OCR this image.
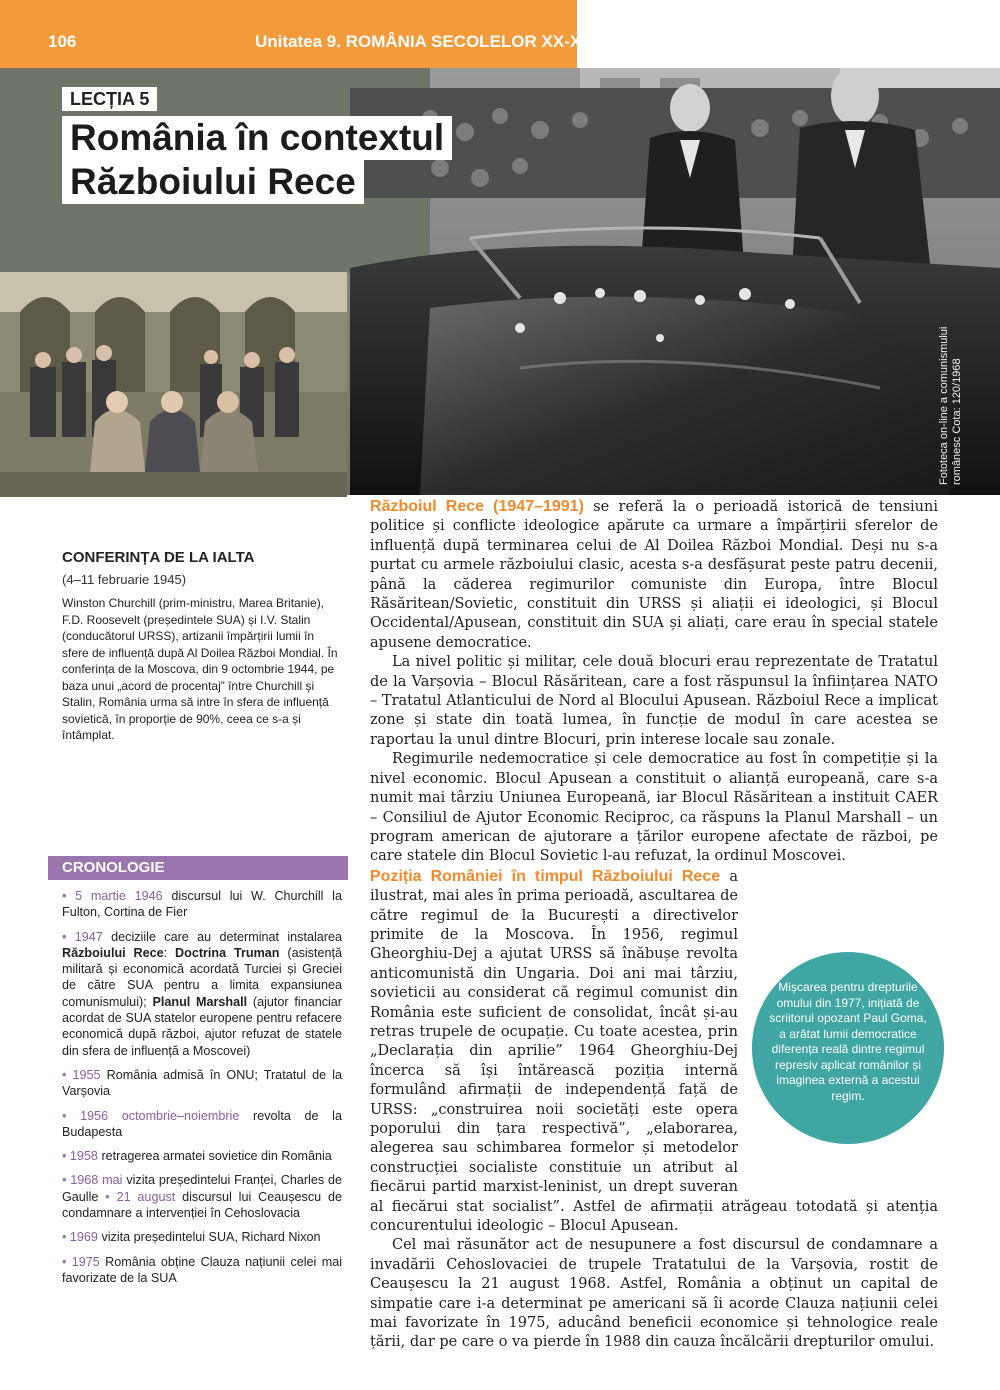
106	Unitatea 9. ROMÂNIA SECOLELOR XX-XXI
Fototeca on-line a comunismului românesc Cota: 120/1968
LECȚIA 5
România în contextul
Războiului Rece
CONFERINȚA DE LA IALTA
(4–11 februarie 1945)
Winston Churchill (prim-ministru, Marea Britanie), F.D. Roosevelt (președintele SUA) și I.V. Stalin (conducătorul URSS), artizanii împărțirii lumii în sfere de influență după Al Doilea Război Mondial. În conferința de la Moscova, din 9 octombrie 1944, pe baza unui „acord de procentaj” între Churchill și Stalin, România urma să intre în sfera de influență sovietică, în proporție de 90%, ceea ce s-a și întâmplat.
CRONOLOGIE
• 5 martie 1946 discursul lui W. Churchill la Fulton, Cortina de Fier
• 1947 deciziile care au determinat instalarea Războiului Rece: Doctrina Truman (asistență militară și economică acordată Turciei și Greciei de către SUA pentru a limita expansiunea comunismului); Planul Marshall (ajutor financiar acordat de SUA statelor europene pentru refacere economică după război, ajutor refuzat de statele din sfera de influență a Moscovei)
• 1955 România admisă în ONU; Tratatul de la Varșovia
• 1956 octombrie–noiembrie revolta de la Budapesta
• 1958 retragerea armatei sovietice din România
• 1968 mai vizita președintelui Franței, Charles de Gaulle • 21 august discursul lui Ceaușescu de condamnare a intervenției în Cehoslovacia
• 1969 vizita președintelui SUA, Richard Nixon
• 1975 România obține Clauza națiunii celei mai favorizate de la SUA

Războiul Rece (1947–1991) se referă la o perioadă istorică de tensiuni politice și conflicte ideologice apărute ca urmare a împărțirii sferelor de influență după terminarea celui de Al Doilea Război Mondial. Deși nu s-a purtat cu armele războiului clasic, acesta s-a desfășurat peste patru decenii, până la căderea regimurilor comuniste din Europa, între Blocul Răsăritean/Sovietic, constituit din URSS și aliații ei ideologici, și Blocul Occidental/Apusean, constituit din SUA și aliați, care erau în special statele apusene democratice.

La nivel politic și militar, cele două blocuri erau reprezentate de Tratatul de la Varșovia – Blocul Răsăritean, care a fost răspunsul la înființarea NATO – Tratatul Atlanticului de Nord al Blocului Apusean. Războiul Rece a implicat zone și state din toată lumea, în funcție de modul în care acestea se raportau la unul dintre Blocuri, prin interese locale sau zonale.

Regimurile nedemocratice și cele democratice au fost în competiție și la nivel economic. Blocul Apusean a constituit o alianță europeană, care s-a numit mai târziu Uniunea Europeană, iar Blocul Răsăritean a instituit CAER – Consiliul de Ajutor Economic Reciproc, ca răspuns la Planul Marshall – un program american de ajutorare a țărilor europene afectate de război, pe care statele din Blocul Sovietic l-au refuzat, la ordinul Moscovei.

Poziția României în timpul Războiului Rece a ilustrat, mai ales în prima perioadă, ascultarea de către regimul de la București a directivelor primite de la Moscova. În 1956, regimul Gheorghiu-Dej a ajutat URSS să înăbușe revolta anticomunistă din Ungaria. Doi ani mai târziu, sovieticii au considerat că regimul comunist din România este suficient de consolidat, încât și-au retras trupele de ocupație. Cu toate acestea, prin „Declarația din aprilie” 1964 Gheorghiu-Dej încerca să își întărească poziția internă formulând afirmații de independență față de URSS: „construirea noii societăți este opera poporului din țara respectivă”, „elaborarea, alegerea sau schimbarea formelor și metodelor construcției socialiste constituie un atribut al fiecărui partid marxist-leninist, un drept suveran al fiecărui stat socialist”. Astfel de afirmații atrăgeau totodată și atenția concurentului ideologic – Blocul Apusean.

Cel mai răsunător act de nesupunere a fost discursul de condamnare a invadării Cehoslovaciei de trupele Tratatului de la Varșovia, rostit de Ceaușescu la 21 august 1968. Astfel, România a obținut un capital de simpatie care i-a determinat pe americani să îi acorde Clauza națiunii celei mai favorizate în 1975, aducând beneficii economice și tehnologice reale țării, dar pe care o va pierde în 1988 din cauza încălcării drepturilor omului.

Mișcarea pentru drepturile omului din 1977, inițiată de scriitorul opozant Paul Goma, a arătat lumii democratice diferența reală dintre regimul represiv aplicat românilor și imaginea externă a acestui regim.
